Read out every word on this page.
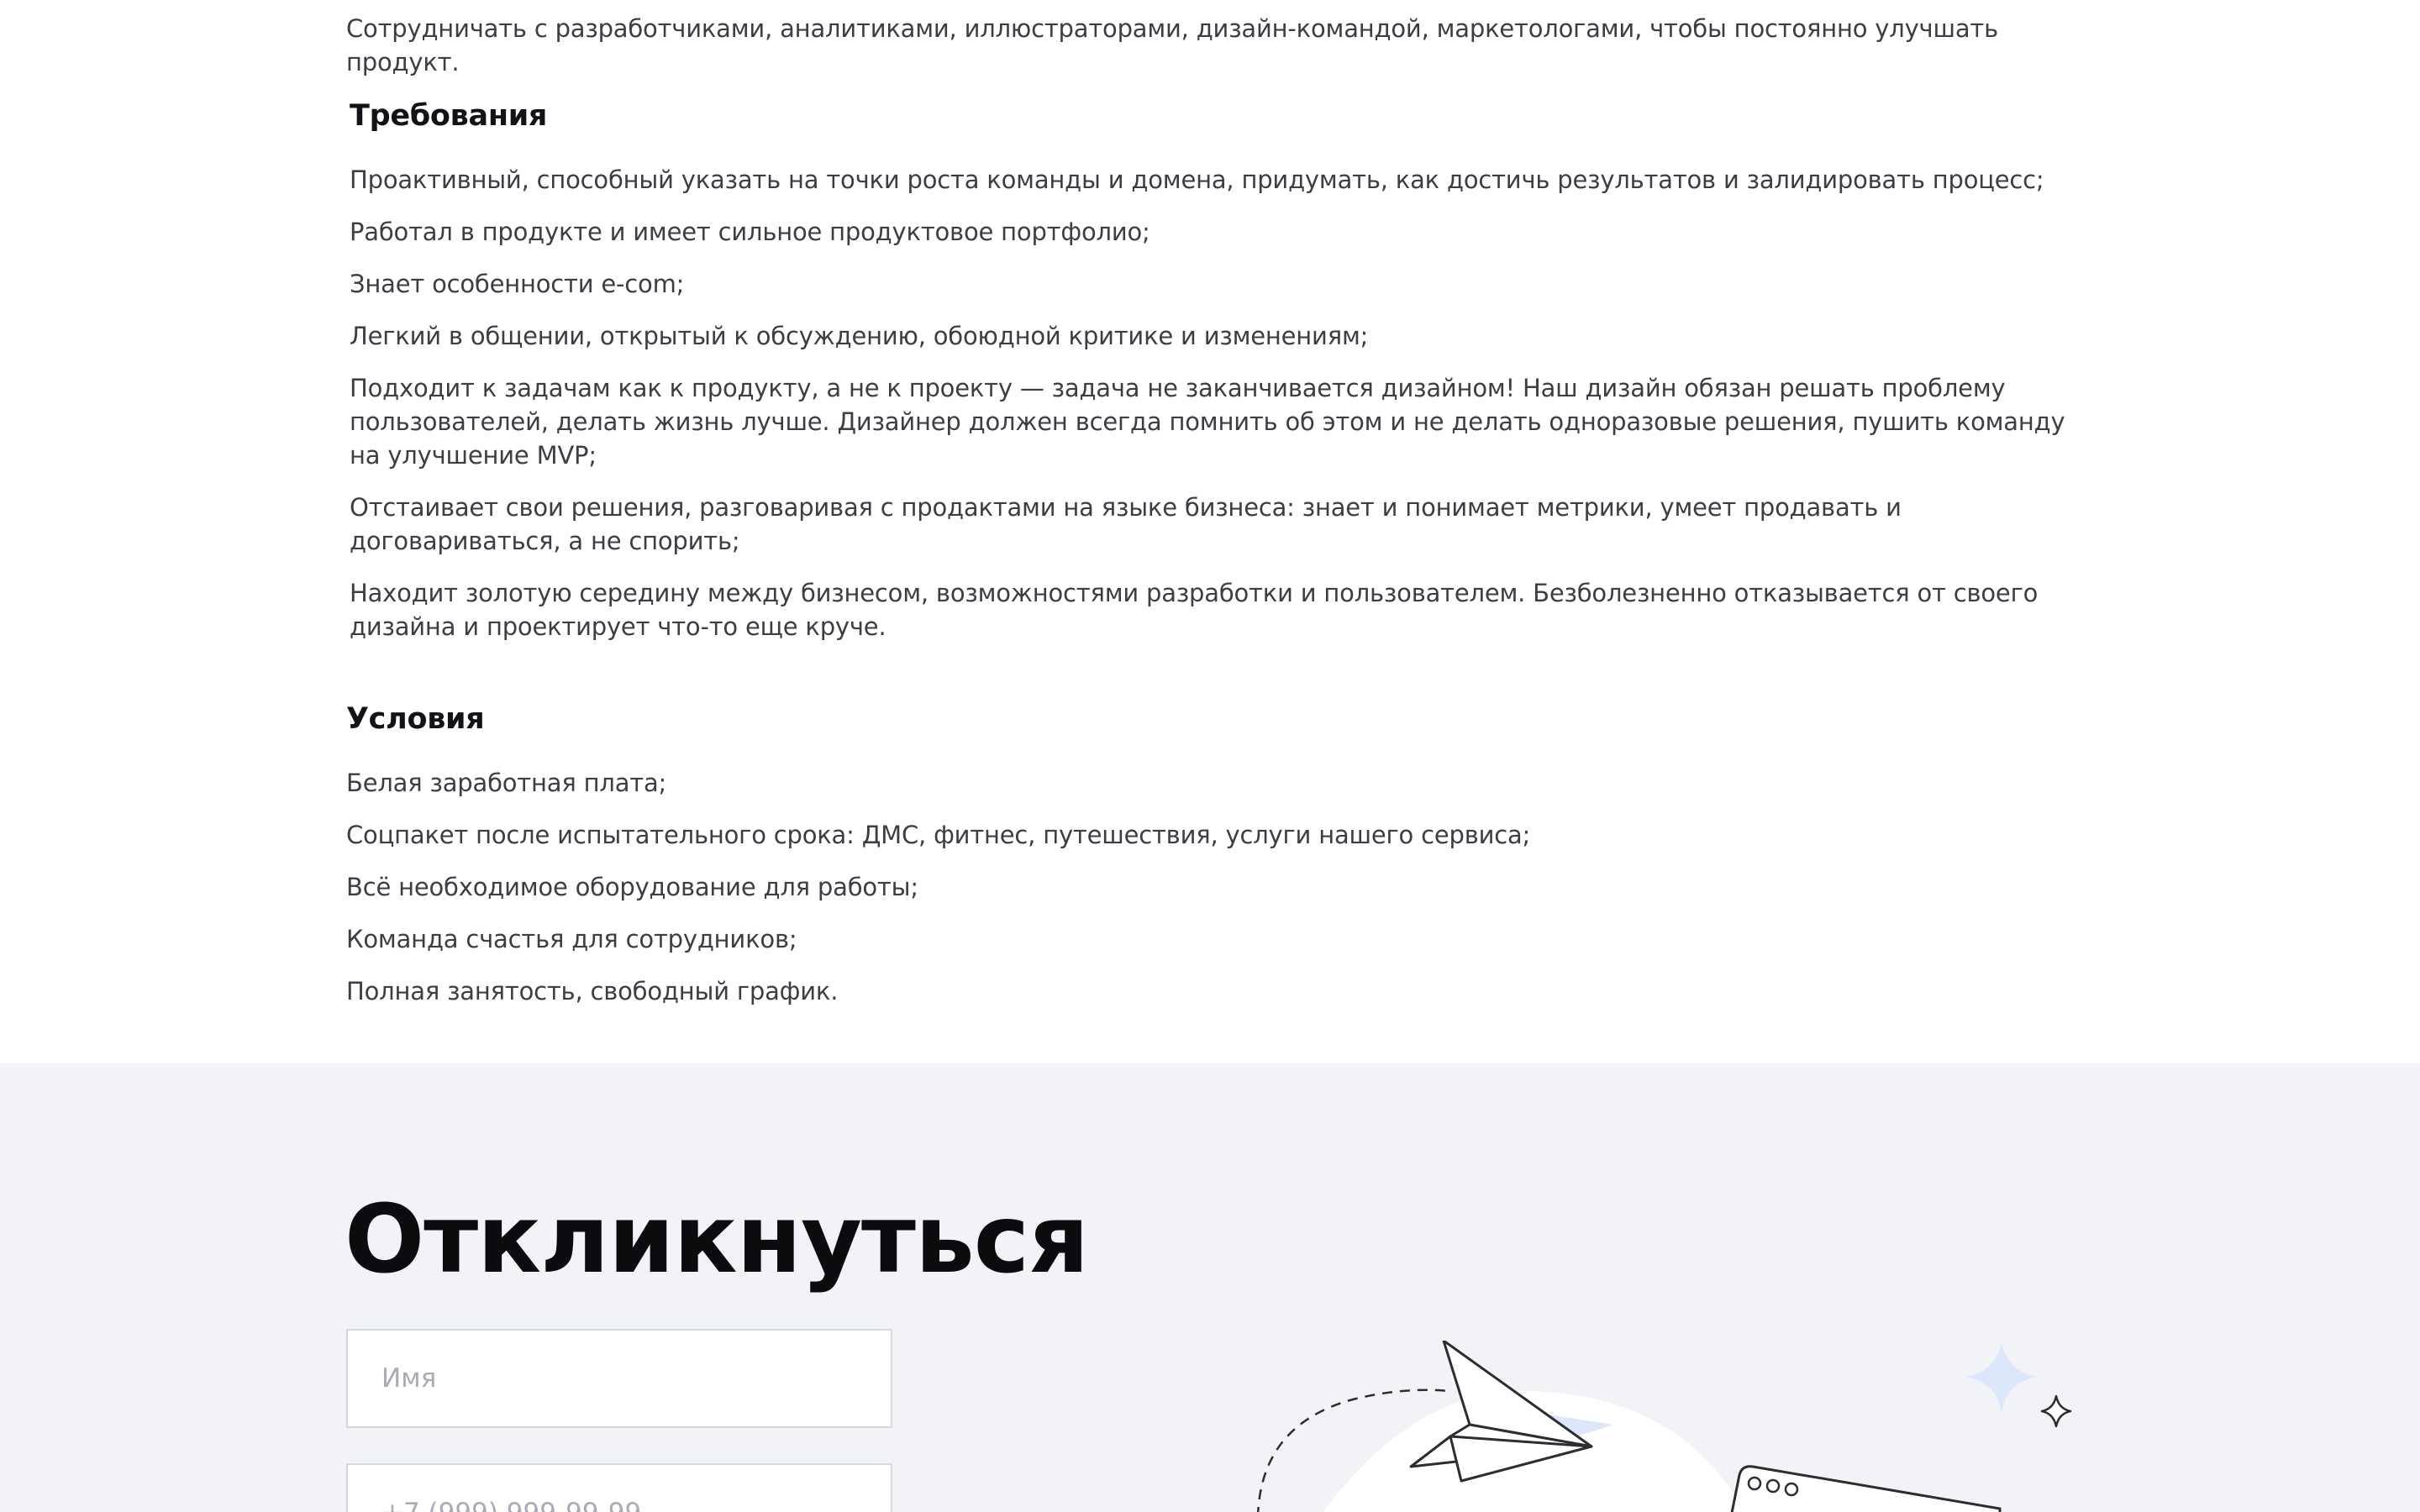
Сотрудничать с разработчиками, аналитиками, иллюстраторами, дизайн-командой, маркетологами, чтобы постоянно улучшать продукт.

Требования
Проактивный, способный указать на точки роста команды и домена, придумать, как достичь результатов и залидировать процесс;
Работал в продукте и имеет сильное продуктовое портфолио;
Знает особенности e-com;
Легкий в общении, открытый к обсуждению, обоюдной критике и изменениям;
Подходит к задачам как к продукту, а не к проекту — задача не заканчивается дизайном! Наш дизайн обязан решать проблему пользователей, делать жизнь лучше. Дизайнер должен всегда помнить об этом и не делать одноразовые решения, пушить команду на улучшение MVP;
Отстаивает свои решения, разговаривая с продактами на языке бизнеса: знает и понимает метрики, умеет продавать и договариваться, а не спорить;
Находит золотую середину между бизнесом, возможностями разработки и пользователем. Безболезненно отказывается от своего дизайна и проектирует что-то еще круче.
Условия
Белая заработная плата;
Соцпакет после испытательного срока: ДМС, фитнес, путешествия, услуги нашего сервиса;
Всё необходимое оборудование для работы;
Команда счастья для сотрудников;
Полная занятость, свободный график.
Откликнуться
Имя
+7 (999) 999-99-99
